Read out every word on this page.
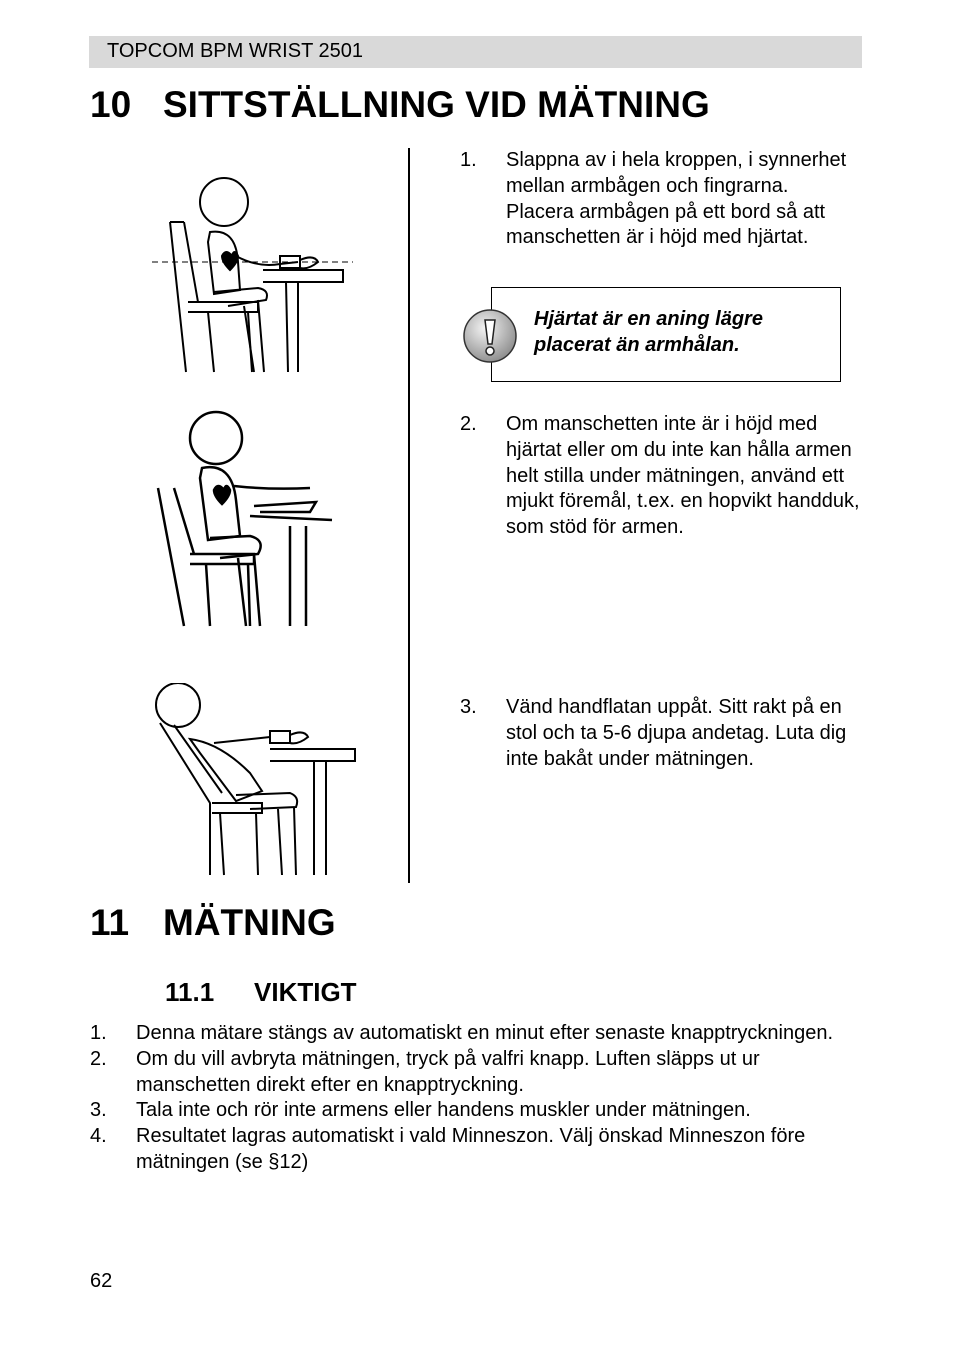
TOPCOM BPM WRIST 2501
10 SITTSTÄLLNING VID MÄTNING
1. Slappna av i hela kroppen, i synnerhet mellan armbågen och fingrarna. Placera armbågen på ett bord så att manschetten är i höjd med hjärtat.
Hjärtat är en aning lägre placerat än armhålan.
2. Om manschetten inte är i höjd med hjärtat eller om du inte kan hålla armen helt stilla under mätningen, använd ett mjukt föremål, t.ex. en hopvikt handduk, som stöd för armen.
3. Vänd handflatan uppåt. Sitt rakt på en stol och ta 5-6 djupa andetag. Luta dig inte bakåt under mätningen.
11 MÄTNING
11.1 VIKTIGT
1. Denna mätare stängs av automatiskt en minut efter senaste knapptryckningen.
2. Om du vill avbryta mätningen, tryck på valfri knapp. Luften släpps ut ur manschetten direkt efter en knapptryckning.
3. Tala inte och rör inte armens eller handens muskler under mätningen.
4. Resultatet lagras automatiskt i vald Minneszon. Välj önskad Minneszon före mätningen (se §12)
62
